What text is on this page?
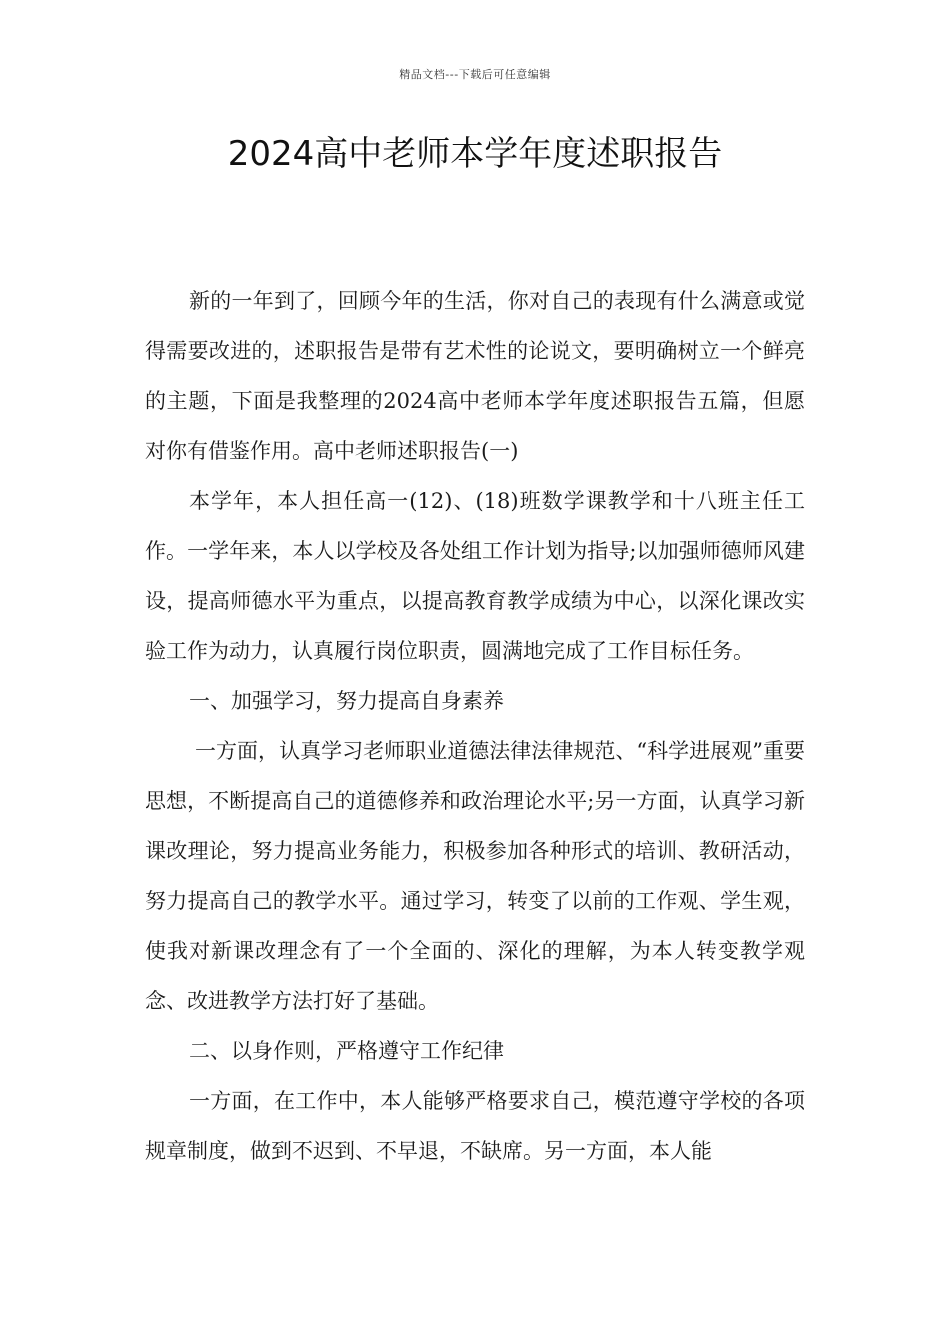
精品文档---下载后可任意编辑
2024高中老师本学年度述职报告

新的一年到了，回顾今年的生活，你对自己的表现有什么满意或觉得需要改进的，述职报告是带有艺术性的论说文，要明确树立一个鲜亮的主题，下面是我整理的2024高中老师本学年度述职报告五篇，但愿对你有借鉴作用。高中老师述职报告(一)

本学年，本人担任高一(12)、(18)班数学课教学和十八班主任工作。一学年来，本人以学校及各处组工作计划为指导;以加强师德师风建设，提高师德水平为重点，以提高教育教学成绩为中心，以深化课改实验工作为动力，认真履行岗位职责，圆满地完成了工作目标任务。

一、加强学习，努力提高自身素养

一方面，认真学习老师职业道德法律法律规范、“科学进展观”重要思想，不断提高自己的道德修养和政治理论水平;另一方面，认真学习新课改理论，努力提高业务能力，积极参加各种形式的培训、教研活动，努力提高自己的教学水平。通过学习，转变了以前的工作观、学生观，使我对新课改理念有了一个全面的、深化的理解，为本人转变教学观念、改进教学方法打好了基础。

二、以身作则，严格遵守工作纪律

一方面，在工作中，本人能够严格要求自己，模范遵守学校的各项规章制度，做到不迟到、不早退，不缺席。另一方面，本人能
